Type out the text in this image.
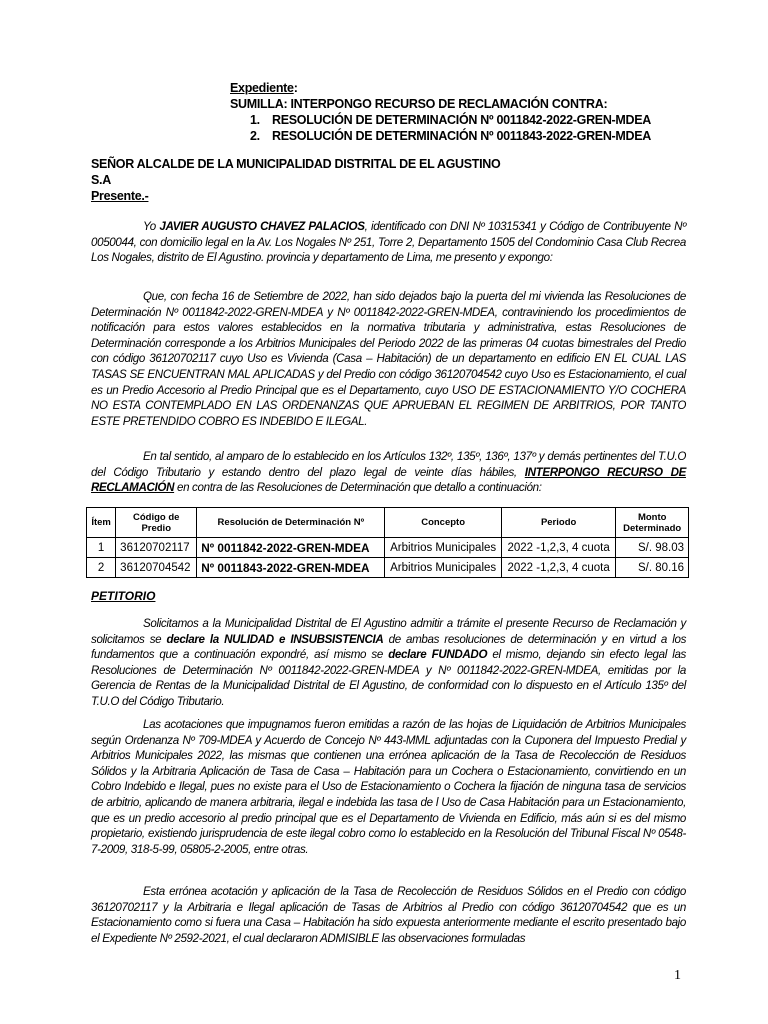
Expediente:
SUMILLA: INTERPONGO RECURSO DE RECLAMACIÓN CONTRA:
1. RESOLUCIÓN DE DETERMINACIÓN Nº 0011842-2022-GREN-MDEA
2. RESOLUCIÓN DE DETERMINACIÓN Nº 0011843-2022-GREN-MDEA
SEÑOR ALCALDE DE LA MUNICIPALIDAD DISTRITAL DE EL AGUSTINO
S.A
Presente.-
Yo JAVIER AUGUSTO CHAVEZ PALACIOS, identificado con DNI Nº 10315341 y Código de Contribuyente Nº 0050044, con domicilio legal en la Av. Los Nogales Nº 251, Torre 2, Departamento 1505 del Condominio Casa Club Recrea Los Nogales, distrito de El Agustino. provincia y departamento de Lima, me presento y expongo:
Que, con fecha 16 de Setiembre de 2022, han sido dejados bajo la puerta del mi vivienda las Resoluciones de Determinación Nº 0011842-2022-GREN-MDEA y Nº 0011842-2022-GREN-MDEA, contraviniendo los procedimientos de notificación para estos valores establecidos en la normativa tributaria y administrativa, estas Resoluciones de Determinación corresponde a los Arbitrios Municipales del Periodo 2022 de las primeras 04 cuotas bimestrales del Predio con código 36120702117 cuyo Uso es Vivienda (Casa – Habitación) de un departamento en edificio EN EL CUAL LAS TASAS SE ENCUENTRAN MAL APLICADAS y del Predio con código 36120704542 cuyo Uso es Estacionamiento, el cual es un Predio Accesorio al Predio Principal que es el Departamento, cuyo USO DE ESTACIONAMIENTO Y/O COCHERA NO ESTA CONTEMPLADO EN LAS ORDENANZAS QUE APRUEBAN EL REGIMEN DE ARBITRIOS, POR TANTO ESTE PRETENDIDO COBRO ES INDEBIDO E ILEGAL.
En tal sentido, al amparo de lo establecido en los Artículos 132º, 135º, 136º, 137º y demás pertinentes del T.U.O del Código Tributario y estando dentro del plazo legal de veinte días hábiles, INTERPONGO RECURSO DE RECLAMACIÓN en contra de las Resoluciones de Determinación que detallo a continuación:
Ítem	Código de Predio	Resolución de Determinación Nº	Concepto	Periodo	Monto Determinado
1	36120702117	Nº 0011842-2022-GREN-MDEA	Arbitrios Municipales	2022 -1,2,3, 4 cuota	S/. 98.03
2	36120704542	Nº 0011843-2022-GREN-MDEA	Arbitrios Municipales	2022 -1,2,3, 4 cuota	S/. 80.16
PETITORIO
Solicitamos a la Municipalidad Distrital de El Agustino admitir a trámite el presente Recurso de Reclamación y solicitamos se declare la NULIDAD e INSUBSISTENCIA de ambas resoluciones de determinación y en virtud a los fundamentos que a continuación expondré, así mismo se declare FUNDADO el mismo, dejando sin efecto legal las Resoluciones de Determinación Nº 0011842-2022-GREN-MDEA y Nº 0011842-2022-GREN-MDEA, emitidas por la Gerencia de Rentas de la Municipalidad Distrital de El Agustino, de conformidad con lo dispuesto en el Artículo 135º del T.U.O del Código Tributario.
Las acotaciones que impugnamos fueron emitidas a razón de las hojas de Liquidación de Arbitrios Municipales según Ordenanza Nº 709-MDEA y Acuerdo de Concejo Nº 443-MML adjuntadas con la Cuponera del Impuesto Predial y Arbitrios Municipales 2022, las mismas que contienen una errónea aplicación de la Tasa de Recolección de Residuos Sólidos y la Arbitraria Aplicación de Tasa de Casa – Habitación para un Cochera o Estacionamiento, convirtiendo en un Cobro Indebido e Ilegal, pues no existe para el Uso de Estacionamiento o Cochera la fijación de ninguna tasa de servicios de arbitrio, aplicando de manera arbitraria, ilegal e indebida las tasa de l Uso de Casa Habitación para un Estacionamiento, que es un predio accesorio al predio principal que es el Departamento de Vivienda en Edificio, más aún si es del mismo propietario, existiendo jurisprudencia de este ilegal cobro como lo establecido en la Resolución del Tribunal Fiscal Nº 0548-7-2009, 318-5-99, 05805-2-2005, entre otras.
Esta errónea acotación y aplicación de la Tasa de Recolección de Residuos Sólidos en el Predio con código 36120702117 y la Arbitraria e Ilegal aplicación de Tasas de Arbitrios al Predio con código 36120704542 que es un Estacionamiento como si fuera una Casa – Habitación ha sido expuesta anteriormente mediante el escrito presentado bajo el Expediente Nº 2592-2021, el cual declararon ADMISIBLE las observaciones formuladas
1
